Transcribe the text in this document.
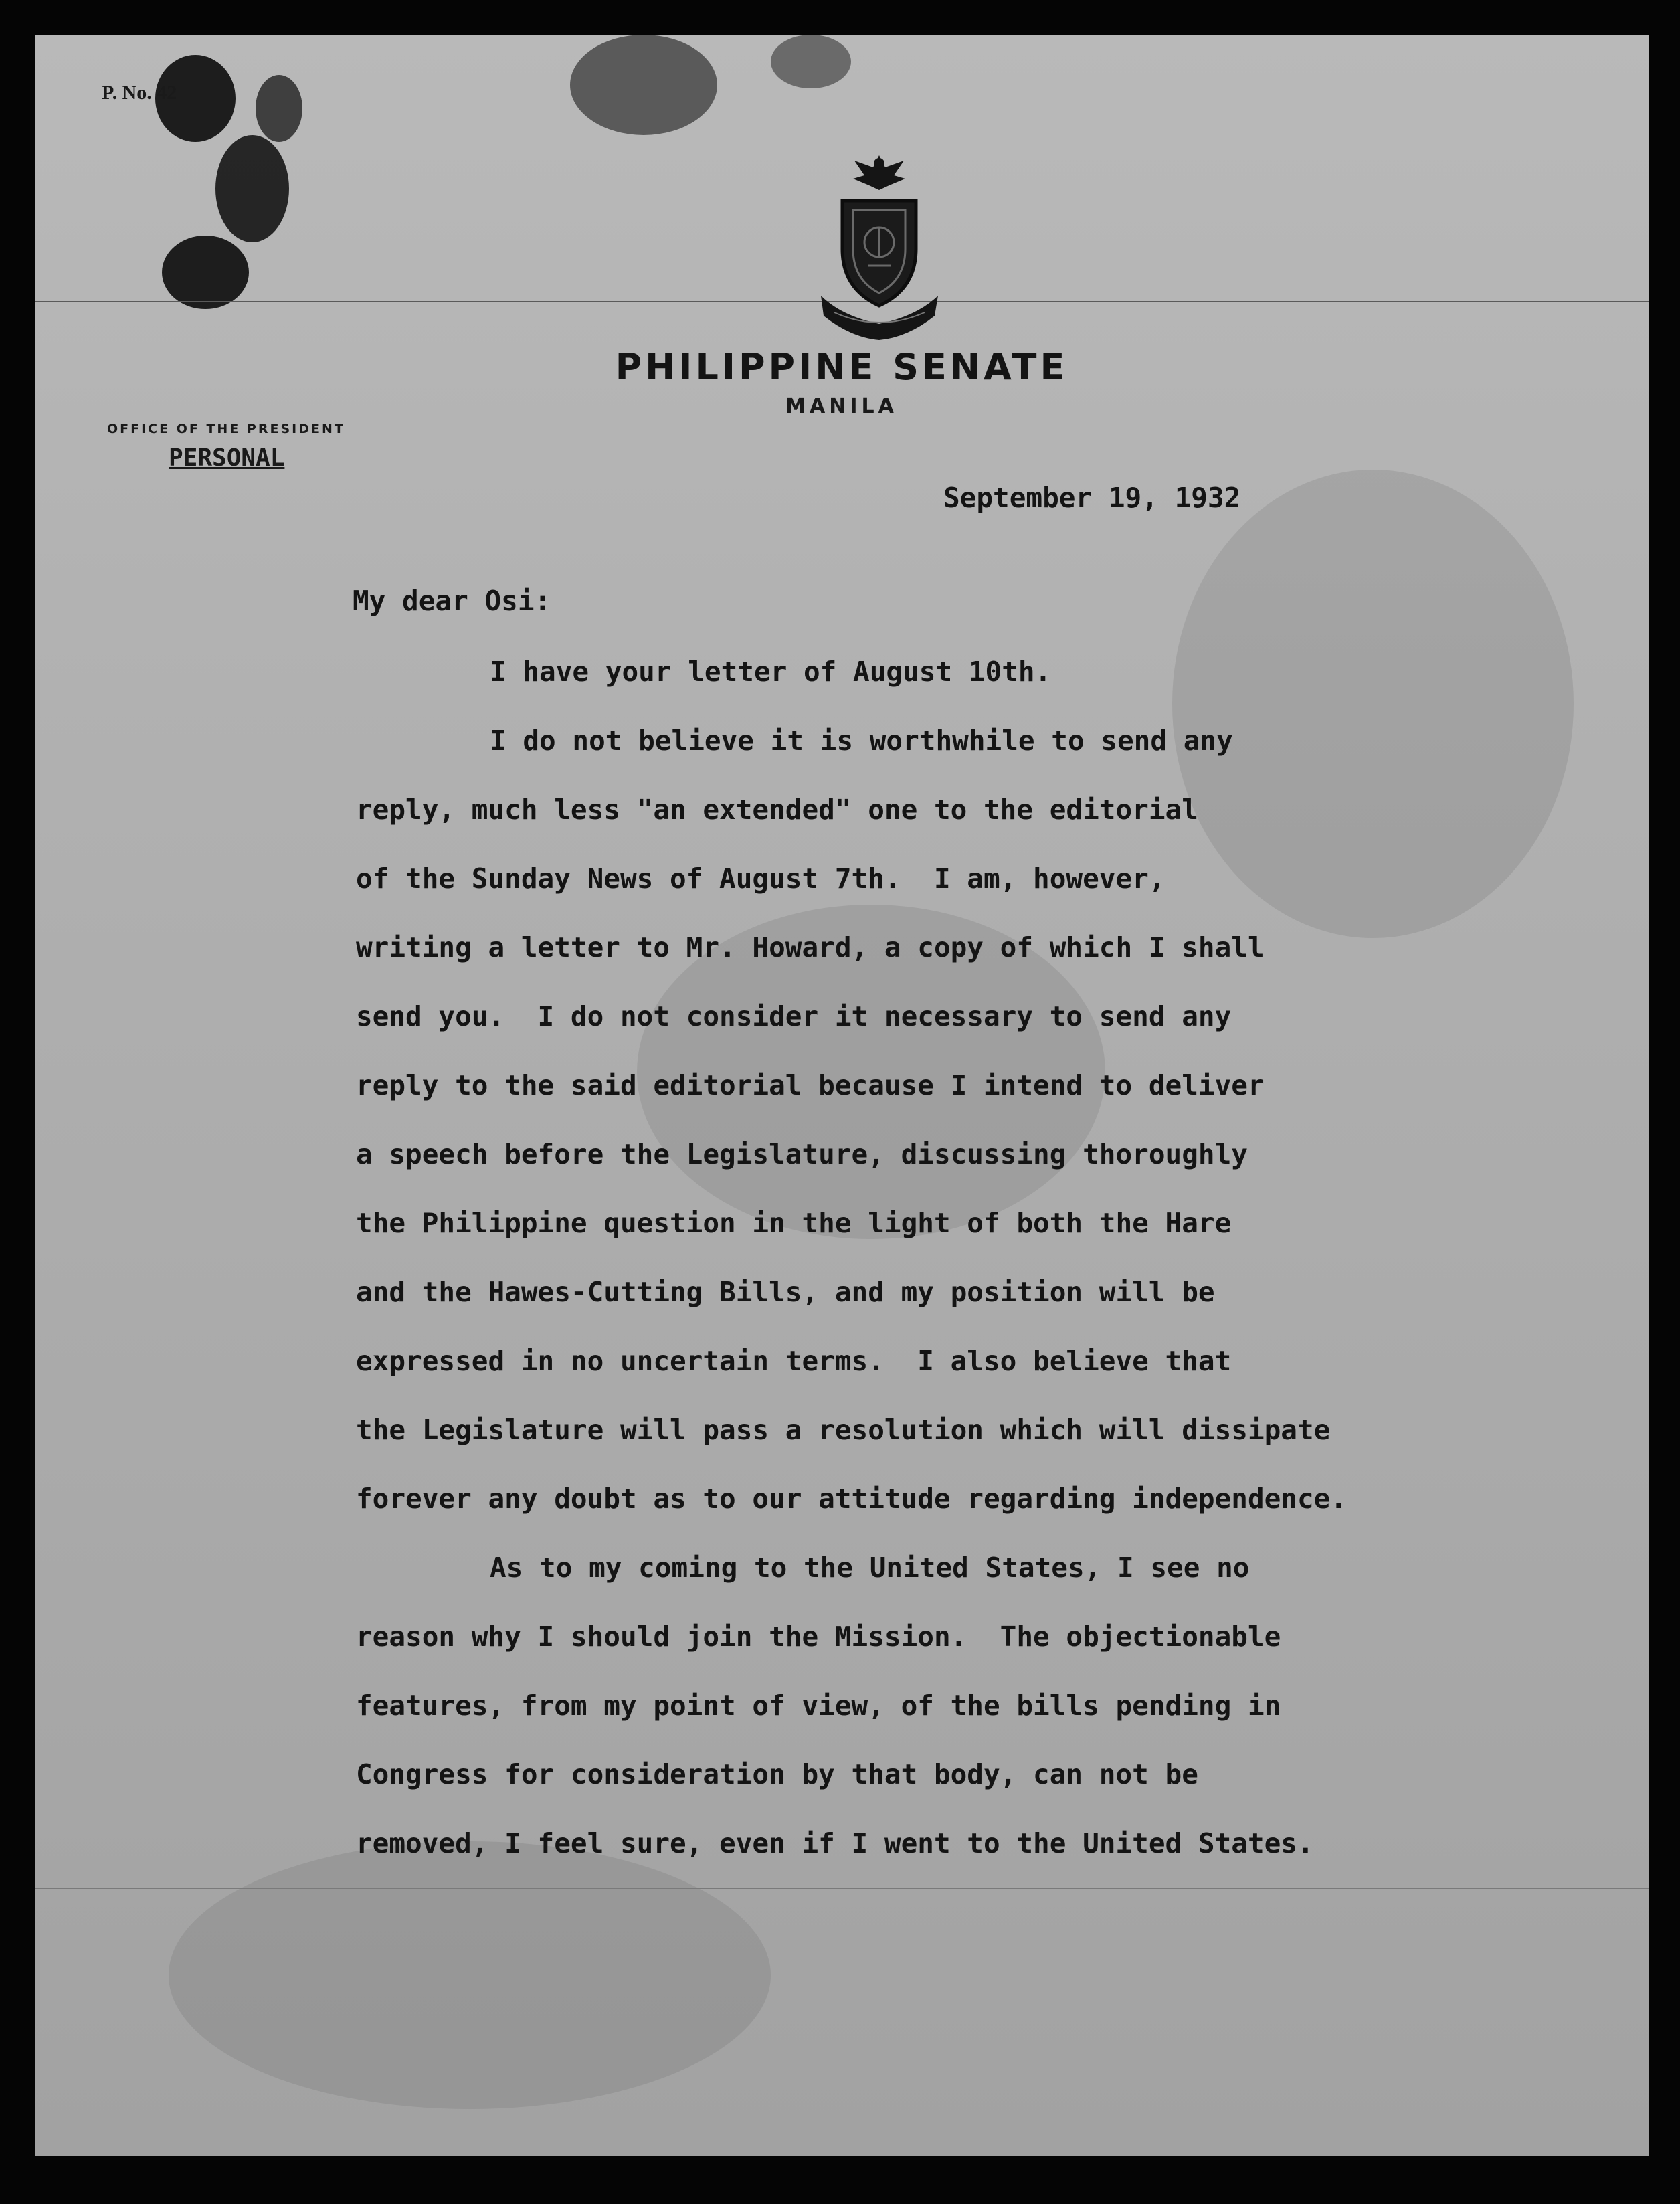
P. No. 42
PHILIPPINE SENATE
MANILA
OFFICE OF THE PRESIDENT
PERSONAL
September 19, 1932
My dear Osi:
I have your letter of August 10th.
I do not believe it is worthwhile to send any
reply, much less "an extended" one to the editorial
of the Sunday News of August 7th.  I am, however,
writing a letter to Mr. Howard, a copy of which I shall
send you.  I do not consider it necessary to send any
reply to the said editorial because I intend to deliver
a speech before the Legislature, discussing thoroughly
the Philippine question in the light of both the Hare
and the Hawes-Cutting Bills, and my position will be
expressed in no uncertain terms.  I also believe that
the Legislature will pass a resolution which will dissipate
forever any doubt as to our attitude regarding independence.
As to my coming to the United States, I see no
reason why I should join the Mission.  The objectionable
features, from my point of view, of the bills pending in
Congress for consideration by that body, can not be
removed, I feel sure, even if I went to the United States.
